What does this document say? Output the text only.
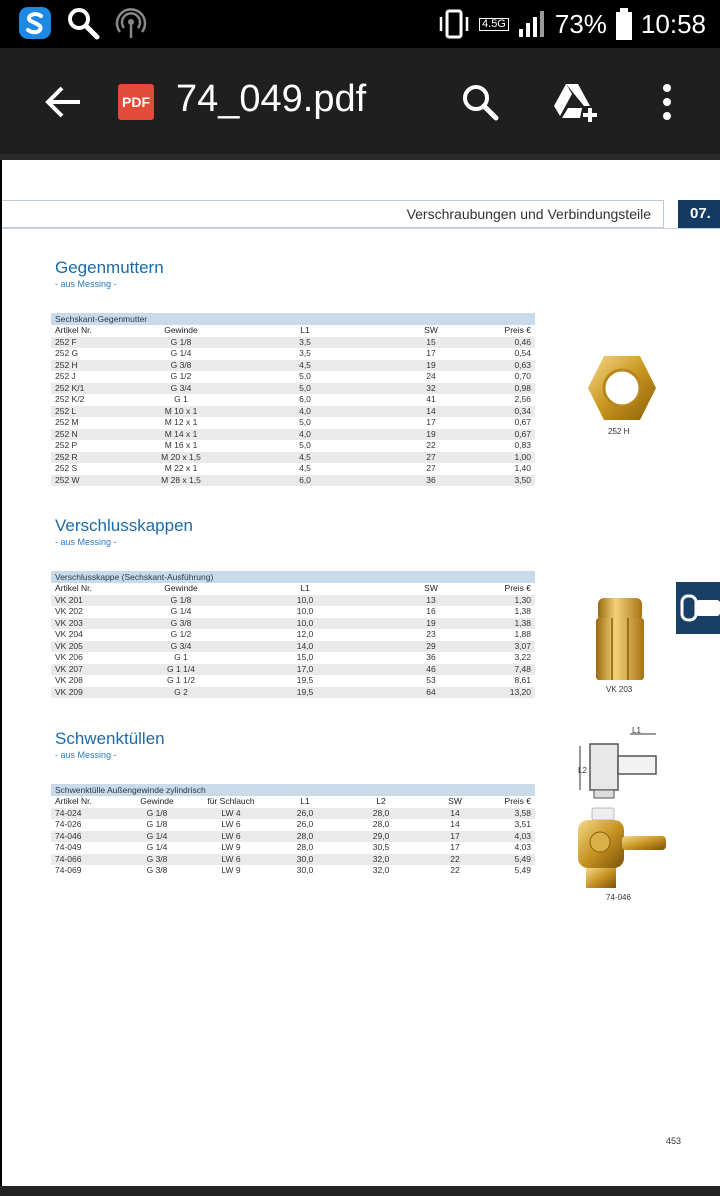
4.5G 73% 10:58
PDF 74_049.pdf
Verschraubungen und Verbindungsteile	07.
Gegenmuttern
- aus Messing -
Sechskant-Gegenmutter
Artikel Nr.	Gewinde	L1	SW	Preis €
252 F	G 1/8	3,5	15	0,46
252 G	G 1/4	3,5	17	0,54
252 H	G 3/8	4,5	19	0,63
252 J	G 1/2	5,0	24	0,70
252 K/1	G 3/4	5,0	32	0,98
252 K/2	G 1	6,0	41	2,56
252 L	M 10 x 1	4,0	14	0,34
252 M	M 12 x 1	5,0	17	0,67
252 N	M 14 x 1	4,0	19	0,67
252 P	M 16 x 1	5,0	22	0,83
252 R	M 20 x 1,5	4,5	27	1,00
252 S	M 22 x 1	4,5	27	1,40
252 W	M 28 x 1,5	6,0	36	3,50
252 H
Verschlusskappen
- aus Messing -
Verschlusskappe (Sechskant-Ausführung)
Artikel Nr.	Gewinde	L1	SW	Preis €
VK 201	G 1/8	10,0	13	1,30
VK 202	G 1/4	10,0	16	1,38
VK 203	G 3/8	10,0	19	1,38
VK 204	G 1/2	12,0	23	1,88
VK 205	G 3/4	14,0	29	3,07
VK 206	G 1	15,0	36	3,22
VK 207	G 1 1/4	17,0	46	7,48
VK 208	G 1 1/2	19,5	53	8,61
VK 209	G 2	19,5	64	13,20	VK 203
Schwenktüllen
- aus Messing -
Schwenktülle Außengewinde zylindrisch
Artikel Nr.	Gewinde	für Schlauch	L1	L2	SW	Preis €
74-024	G 1/8	LW 4	26,0	28,0	14	3,58
74-026	G 1/8	LW 6	26,0	28,0	14	3,51
74-046	G 1/4	LW 6	28,0	29,0	17	4,03
74-049	G 1/4	LW 9	28,0	30,5	17	4,03
74-066	G 3/8	LW 6	30,0	32,0	22	5,49
74-069	G 3/8	LW 9	30,0	32,0	22	5,49
L1
L2
74-046
453
